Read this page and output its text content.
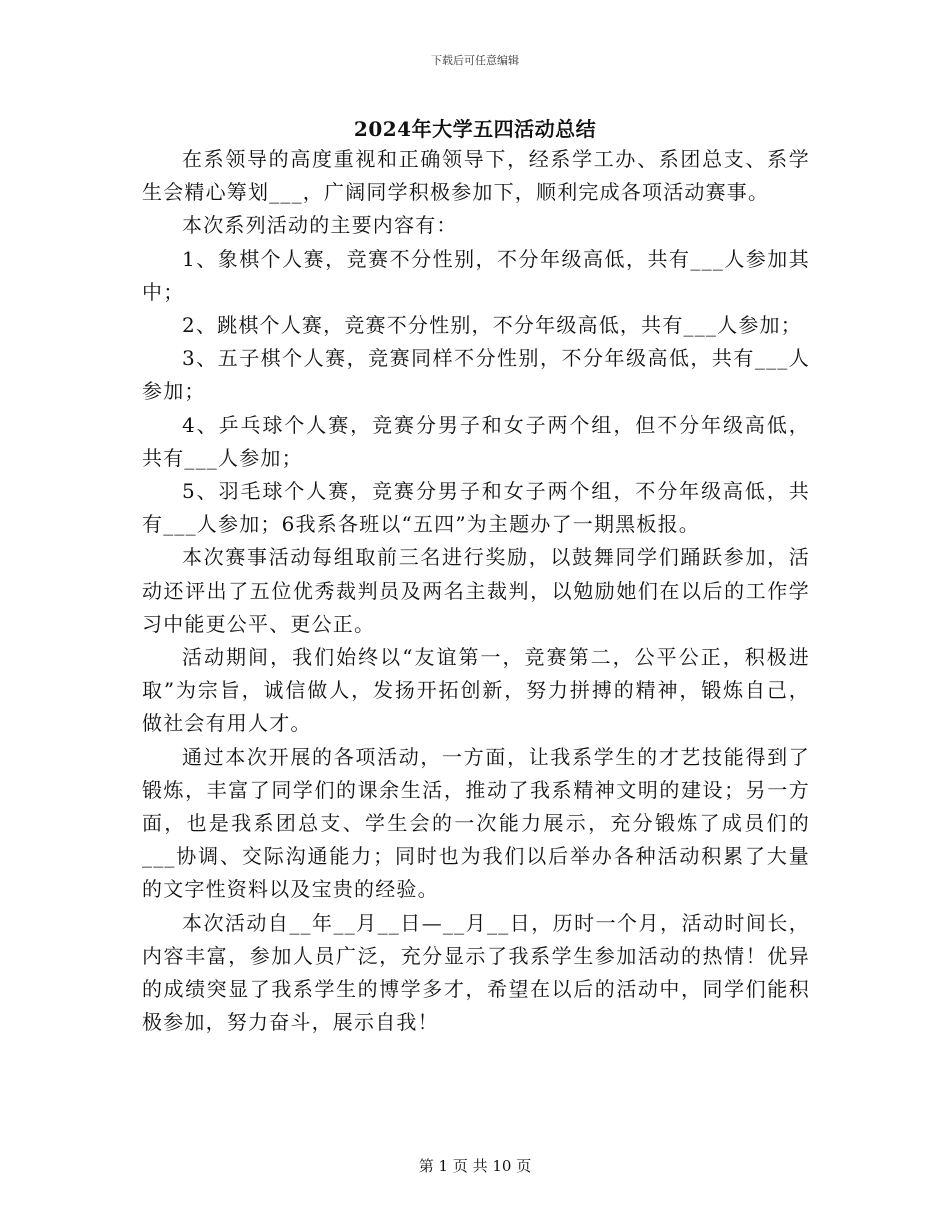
下载后可任意编辑
2024年大学五四活动总结

在系领导的高度重视和正确领导下，经系学工办、系团总支、系学生会精心筹划___，广阔同学积极参加下，顺利完成各项活动赛事。

本次系列活动的主要内容有：

1、象棋个人赛，竞赛不分性别，不分年级高低，共有___人参加其中；

2、跳棋个人赛，竞赛不分性别，不分年级高低，共有___人参加；

3、五子棋个人赛，竞赛同样不分性别，不分年级高低，共有___人参加；

4、乒乓球个人赛，竞赛分男子和女子两个组，但不分年级高低，共有___人参加；

5、羽毛球个人赛，竞赛分男子和女子两个组，不分年级高低，共有___人参加；6我系各班以“五四”为主题办了一期黑板报。

本次赛事活动每组取前三名进行奖励，以鼓舞同学们踊跃参加，活动还评出了五位优秀裁判员及两名主裁判，以勉励她们在以后的工作学习中能更公平、更公正。

活动期间，我们始终以“友谊第一，竞赛第二，公平公正，积极进取”为宗旨，诚信做人，发扬开拓创新，努力拼搏的精神，锻炼自己，做社会有用人才。

通过本次开展的各项活动，一方面，让我系学生的才艺技能得到了锻炼，丰富了同学们的课余生活，推动了我系精神文明的建设；另一方面，也是我系团总支、学生会的一次能力展示，充分锻炼了成员们的___协调、交际沟通能力；同时也为我们以后举办各种活动积累了大量的文字性资料以及宝贵的经验。

本次活动自__年__月__日—__月__日，历时一个月，活动时间长，内容丰富，参加人员广泛，充分显示了我系学生参加活动的热情！优异的成绩突显了我系学生的博学多才，希望在以后的活动中，同学们能积极参加，努力奋斗，展示自我！

第 1 页 共 10 页
